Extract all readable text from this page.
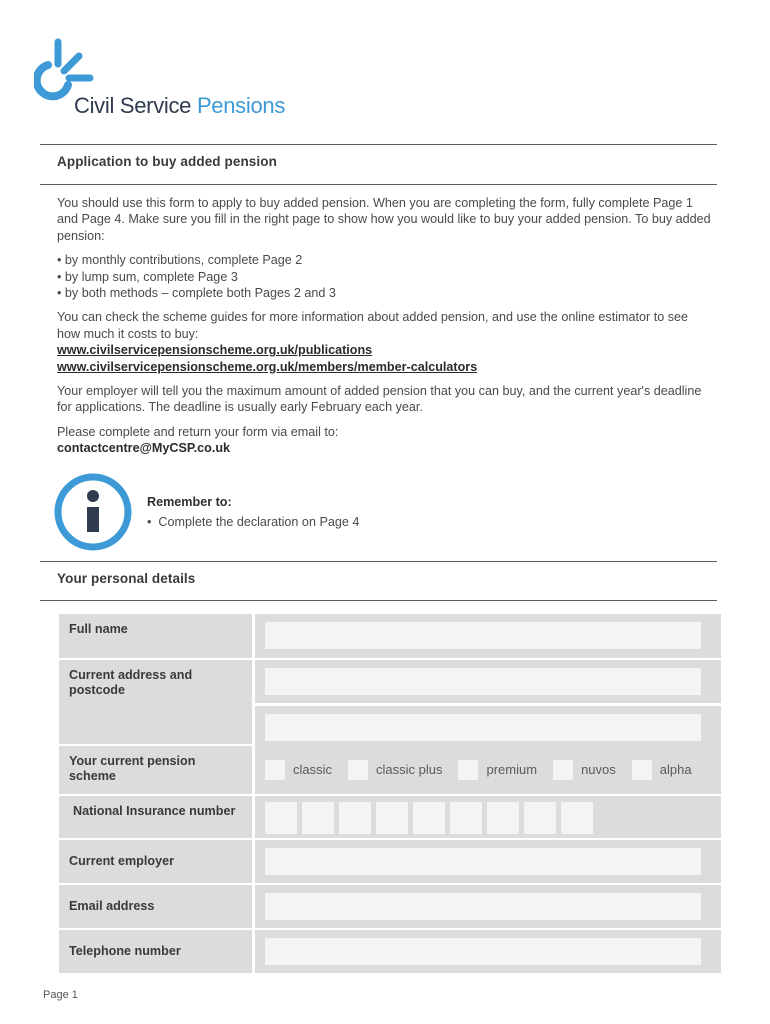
Civil Service Pensions
Application to buy added pension

You should use this form to apply to buy added pension. When you are completing the form, fully complete Page 1 and Page 4. Make sure you fill in the right page to show how you would like to buy your added pension. To buy added pension:

• by monthly contributions, complete Page 2
• by lump sum, complete Page 3
• by both methods – complete both Pages 2 and 3

You can check the scheme guides for more information about added pension, and use the online estimator to see how much it costs to buy:
www.civilservicepensionscheme.org.uk/publications
www.civilservicepensionscheme.org.uk/members/member-calculators

Your employer will tell you the maximum amount of added pension that you can buy, and the current year's deadline for applications. The deadline is usually early February each year.

Please complete and return your form via email to:
contactcentre@MyCSP.co.uk

Remember to:
•  Complete the declaration on Page 4
Your personal details
Full name
Current address and postcode
Your current pension scheme	classic	classic plus	premium	nuvos	alpha
National Insurance number
Current employer
Email address
Telephone number
Page 1
